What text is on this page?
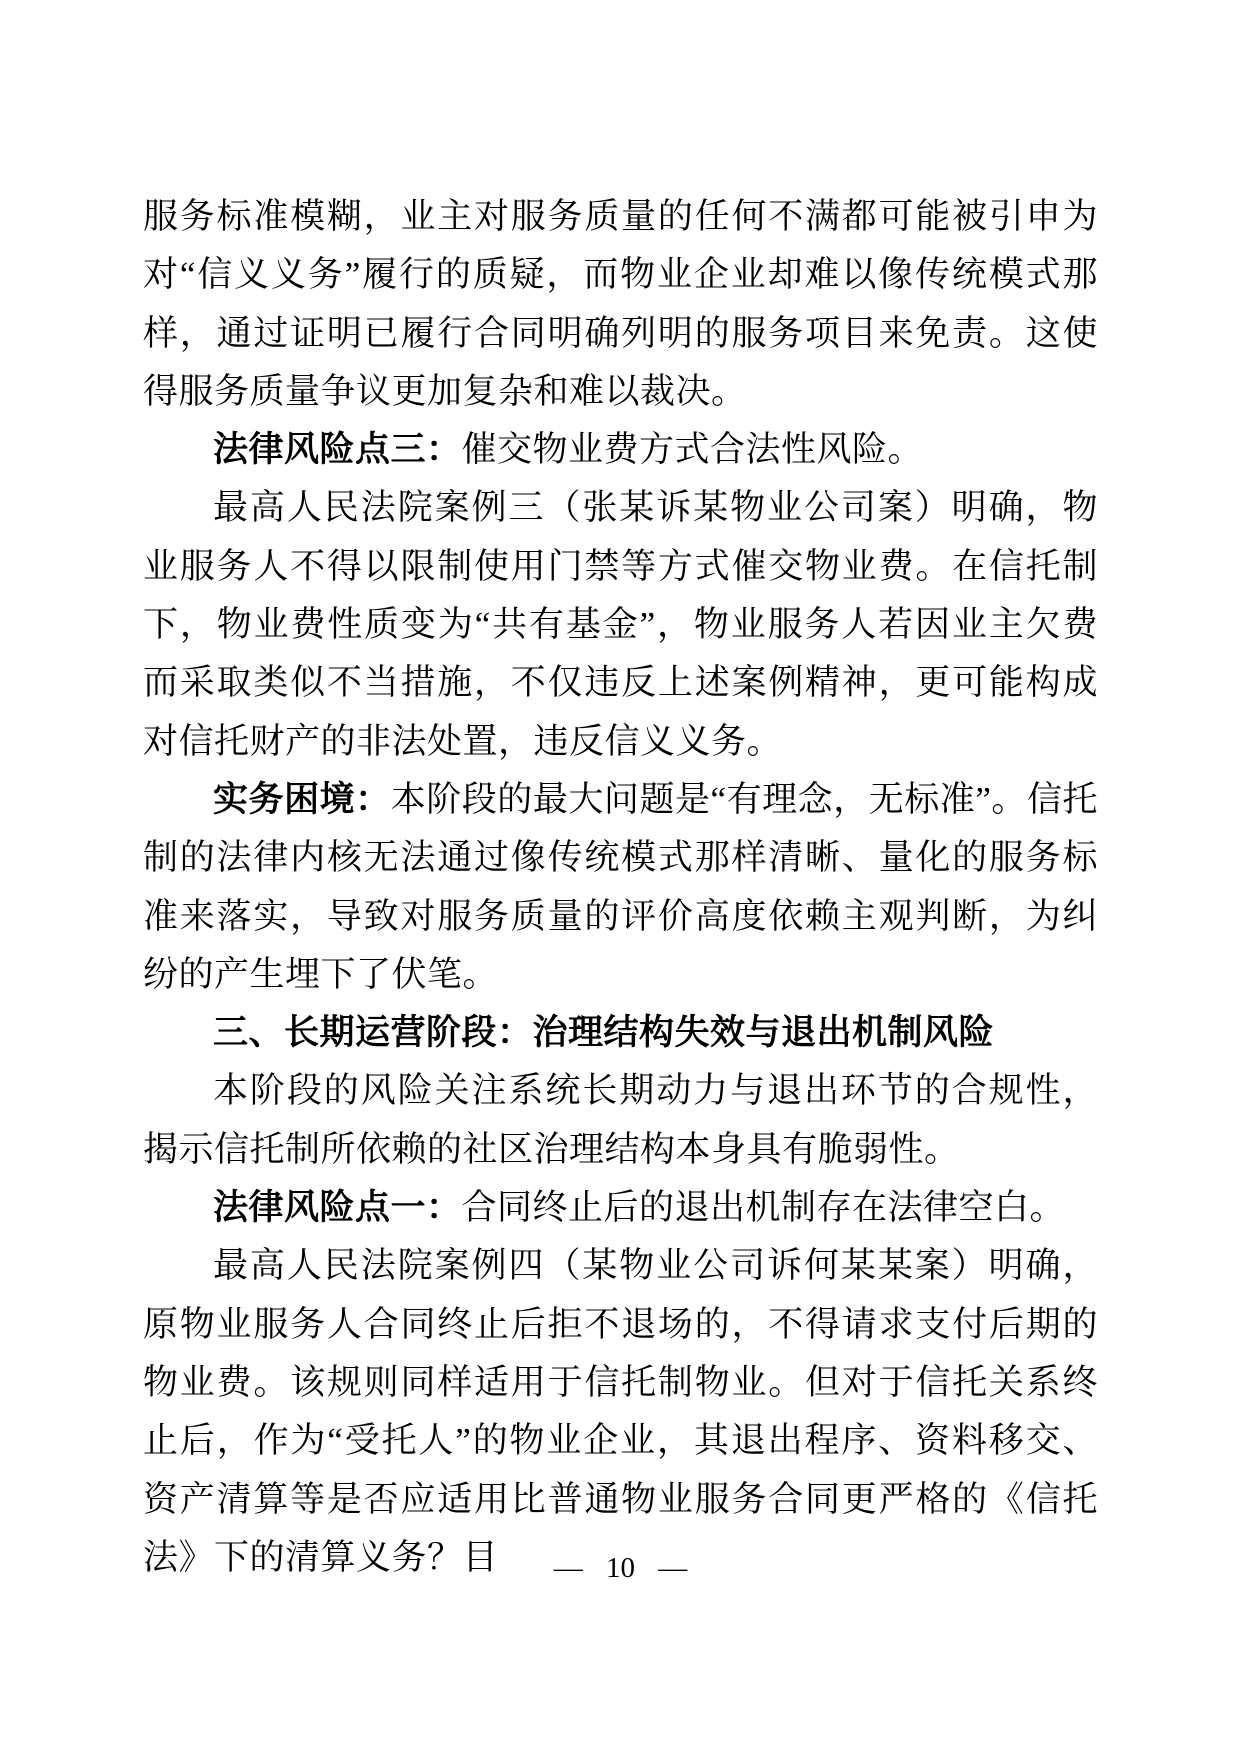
服务标准模糊，业主对服务质量的任何不满都可能被引申为对“信义义务”履行的质疑，而物业企业却难以像传统模式那样，通过证明已履行合同明确列明的服务项目来免责。这使得服务质量争议更加复杂和难以裁决。

法律风险点三：催交物业费方式合法性风险。

最高人民法院案例三（张某诉某物业公司案）明确，物业服务人不得以限制使用门禁等方式催交物业费。在信托制下，物业费性质变为“共有基金”，物业服务人若因业主欠费而采取类似不当措施，不仅违反上述案例精神，更可能构成对信托财产的非法处置，违反信义义务。

实务困境：本阶段的最大问题是“有理念，无标准”。信托制的法律内核无法通过像传统模式那样清晰、量化的服务标准来落实，导致对服务质量的评价高度依赖主观判断，为纠纷的产生埋下了伏笔。

三、长期运营阶段：治理结构失效与退出机制风险

本阶段的风险关注系统长期动力与退出环节的合规性，揭示信托制所依赖的社区治理结构本身具有脆弱性。

法律风险点一：合同终止后的退出机制存在法律空白。

最高人民法院案例四（某物业公司诉何某某案）明确，原物业服务人合同终止后拒不退场的，不得请求支付后期的物业费。该规则同样适用于信托制物业。但对于信托关系终止后，作为“受托人”的物业企业，其退出程序、资料移交、资产清算等是否应适用比普通物业服务合同更严格的《信托法》下的清算义务？目	— 10 —
